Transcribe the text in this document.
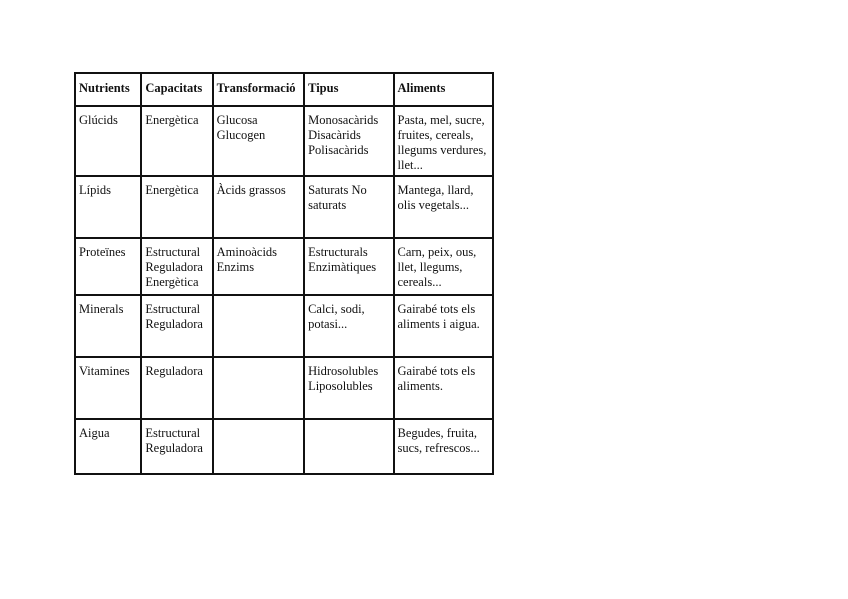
Nutrients	Capacitats	Transformació	Tipus	Aliments
Glúcids	Energètica	Glucosa Glucogen	Monosacàrids Disacàrids Polisacàrids	Pasta, mel, sucre, fruites, cereals, llegums verdures, llet...
Lípids	Energètica	Àcids grassos	Saturats No saturats	Mantega, llard, olis vegetals...
Proteïnes	Estructural Reguladora Energètica	Aminoàcids Enzims	Estructurals Enzimàtiques	Carn, peix, ous, llet, llegums, cereals...
Minerals	Estructural Reguladora		Calci, sodi, potasi...	Gairabé tots els aliments i aigua.
Vitamines	Reguladora		Hidrosolubles Liposolubles	Gairabé tots els aliments.
Aigua	Estructural Reguladora			Begudes, fruita, sucs, refrescos...
